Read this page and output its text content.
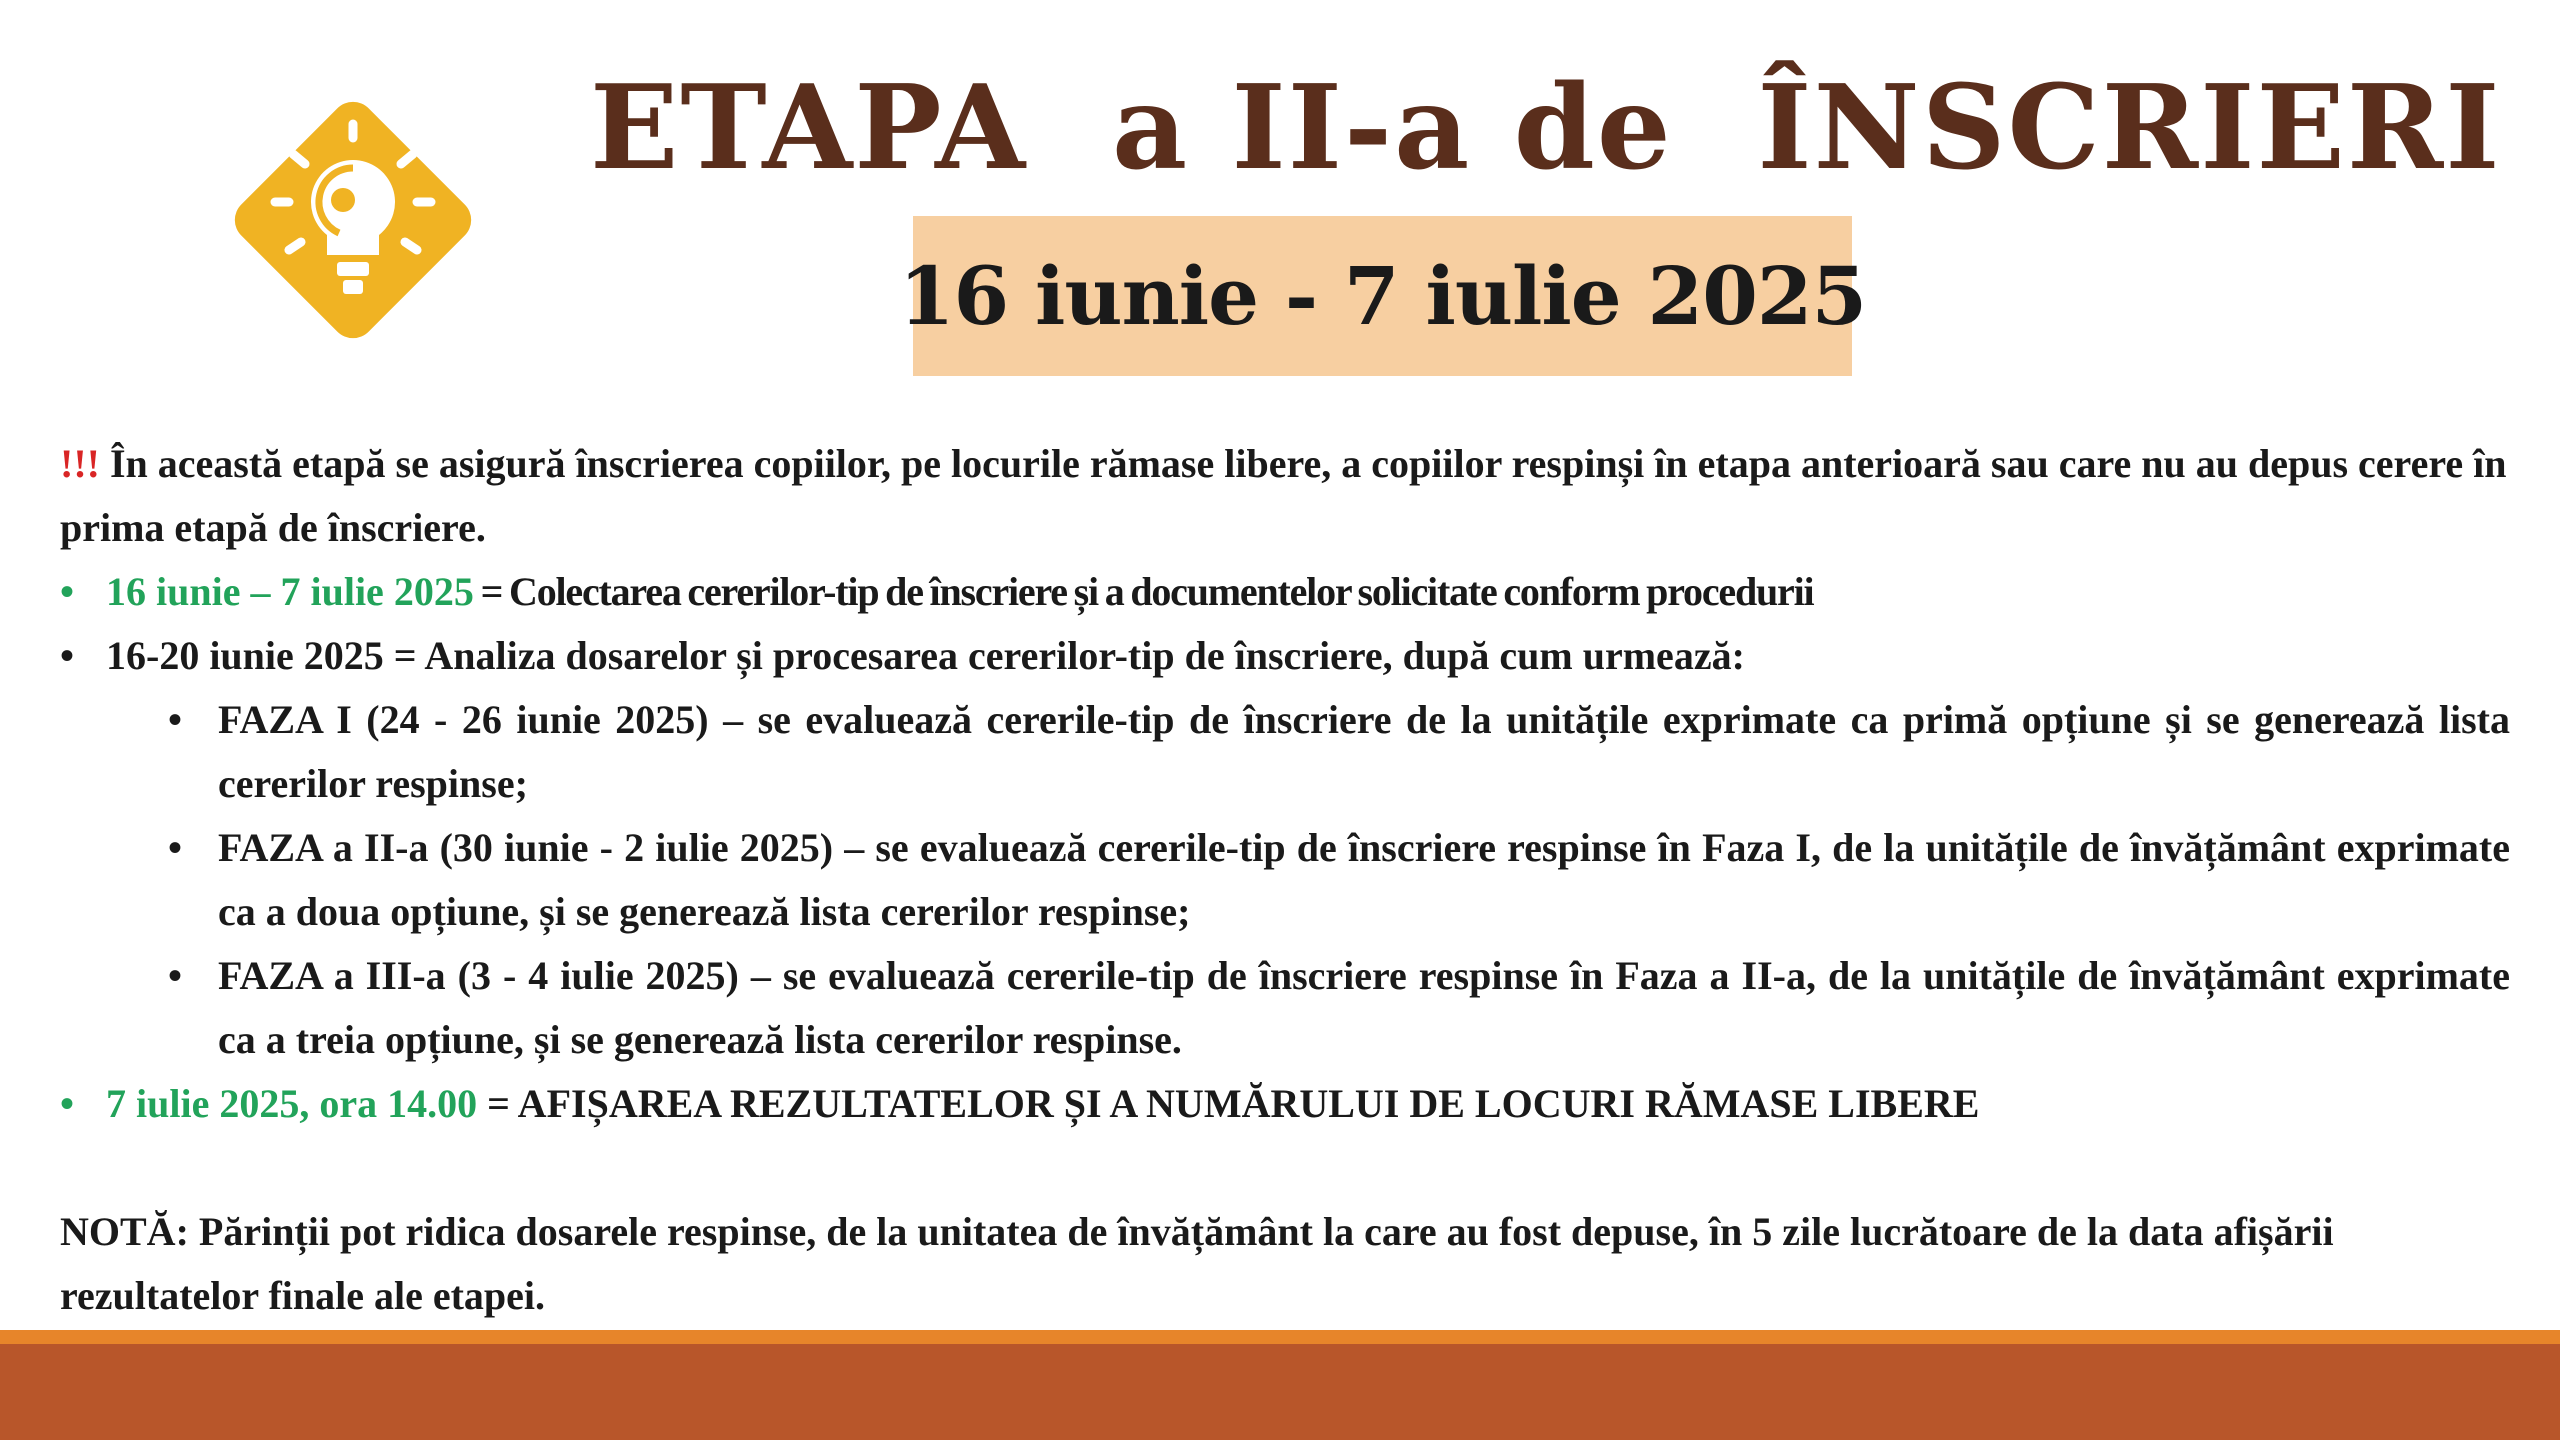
ETAPA  a II-a de  ÎNSCRIERI
16 iunie - 7 iulie 2025

!!! În această etapă se asigură înscrierea copiilor, pe locurile rămase libere, a copiilor respinși în etapa anterioară sau care nu au depus cerere în prima etapă de înscriere.

• 16 iunie – 7 iulie 2025 = Colectarea cererilor-tip de înscriere și a documentelor solicitate conform procedurii
• 16-20 iunie 2025 = Analiza dosarelor și procesarea cererilor-tip de înscriere, după cum urmează:
• FAZA I (24 - 26 iunie 2025) – se evaluează cererile-tip de înscriere de la unitățile exprimate ca primă opțiune și se generează lista cererilor respinse;
• FAZA a II-a (30 iunie - 2 iulie 2025) – se evaluează cererile-tip de înscriere respinse în Faza I, de la unitățile de învățământ exprimate ca a doua opțiune, și se generează lista cererilor respinse;
• FAZA a III-a (3 - 4 iulie 2025) – se evaluează cererile-tip de înscriere respinse în Faza a II-a, de la unitățile de învățământ exprimate ca a treia opțiune, și se generează lista cererilor respinse.
• 7 iulie 2025, ora 14.00 = AFIȘAREA REZULTATELOR ȘI A NUMĂRULUI DE LOCURI RĂMASE LIBERE

NOTĂ: Părinții pot ridica dosarele respinse, de la unitatea de învățământ la care au fost depuse, în 5 zile lucrătoare de la data afișării rezultatelor finale ale etapei.
